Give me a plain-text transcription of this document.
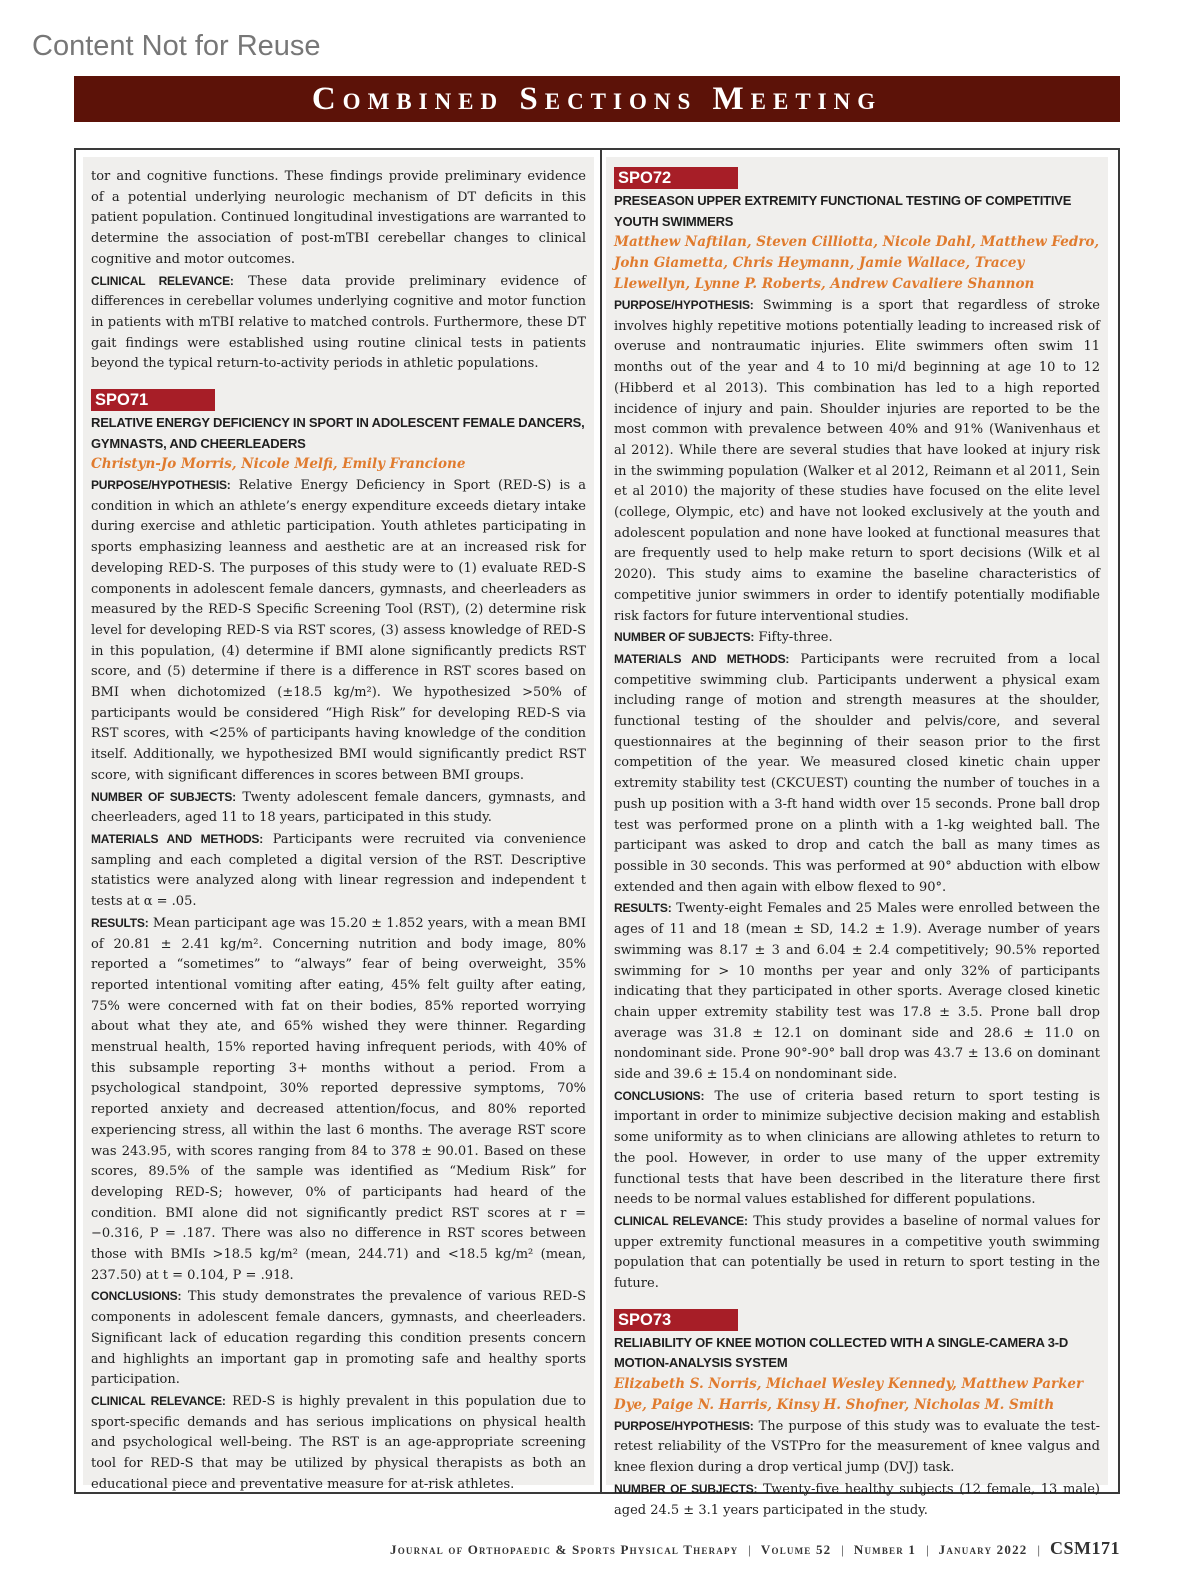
Content Not for Reuse
Combined Sections Meeting

tor and cognitive functions. These findings provide preliminary evidence of a potential underlying neurologic mechanism of DT deficits in this patient population. Continued longitudinal investigations are warranted to determine the association of post-mTBI cerebellar changes to clinical cognitive and motor outcomes.

CLINICAL RELEVANCE: These data provide preliminary evidence of differences in cerebellar volumes underlying cognitive and motor function in patients with mTBI relative to matched controls. Furthermore, these DT gait findings were established using routine clinical tests in patients beyond the typical return-to-activity periods in athletic populations.

SPO71
RELATIVE ENERGY DEFICIENCY IN SPORT IN ADOLESCENT FEMALE DANCERS, GYMNASTS, AND CHEERLEADERS
Christyn-Jo Morris, Nicole Melfi, Emily Francione

PURPOSE/HYPOTHESIS: Relative Energy Deficiency in Sport (RED-S) is a condition in which an athlete’s energy expenditure exceeds dietary intake during exercise and athletic participation. Youth athletes participating in sports emphasizing leanness and aesthetic are at an increased risk for developing RED-S. The purposes of this study were to (1) evaluate RED-S components in adolescent female dancers, gymnasts, and cheerleaders as measured by the RED-S Specific Screening Tool (RST), (2) determine risk level for developing RED-S via RST scores, (3) assess knowledge of RED-S in this population, (4) determine if BMI alone significantly predicts RST score, and (5) determine if there is a difference in RST scores based on BMI when dichotomized (±18.5 kg/m²). We hypothesized >50% of participants would be considered “High Risk” for developing RED-S via RST scores, with <25% of participants having knowledge of the condition itself. Additionally, we hypothesized BMI would significantly predict RST score, with significant differences in scores between BMI groups.

NUMBER OF SUBJECTS: Twenty adolescent female dancers, gymnasts, and cheerleaders, aged 11 to 18 years, participated in this study.

MATERIALS AND METHODS: Participants were recruited via convenience sampling and each completed a digital version of the RST. Descriptive statistics were analyzed along with linear regression and independent t tests at α = .05.

RESULTS: Mean participant age was 15.20 ± 1.852 years, with a mean BMI of 20.81 ± 2.41 kg/m². Concerning nutrition and body image, 80% reported a “sometimes” to “always” fear of being overweight, 35% reported intentional vomiting after eating, 45% felt guilty after eating, 75% were concerned with fat on their bodies, 85% reported worrying about what they ate, and 65% wished they were thinner. Regarding menstrual health, 15% reported having infrequent periods, with 40% of this subsample reporting 3+ months without a period. From a psychological standpoint, 30% reported depressive symptoms, 70% reported anxiety and decreased attention/focus, and 80% reported experiencing stress, all within the last 6 months. The average RST score was 243.95, with scores ranging from 84 to 378 ± 90.01. Based on these scores, 89.5% of the sample was identified as “Medium Risk” for developing RED-S; however, 0% of participants had heard of the condition. BMI alone did not significantly predict RST scores at r = −0.316, P = .187. There was also no difference in RST scores between those with BMIs >18.5 kg/m² (mean, 244.71) and <18.5 kg/m² (mean, 237.50) at t = 0.104, P = .918.

CONCLUSIONS: This study demonstrates the prevalence of various RED-S components in adolescent female dancers, gymnasts, and cheerleaders. Significant lack of education regarding this condition presents concern and highlights an important gap in promoting safe and healthy sports participation.

CLINICAL RELEVANCE: RED-S is highly prevalent in this population due to sport-specific demands and has serious implications on physical health and psychological well-being. The RST is an age-appropriate screening tool for RED-S that may be utilized by physical therapists as both an educational piece and preventative measure for at-risk athletes.

SPO72
PRESEASON UPPER EXTREMITY FUNCTIONAL TESTING OF COMPETITIVE YOUTH SWIMMERS
Matthew Naftilan, Steven Cilliotta, Nicole Dahl, Matthew Fedro, John Giametta, Chris Heymann, Jamie Wallace, Tracey Llewellyn, Lynne P. Roberts, Andrew Cavaliere Shannon

PURPOSE/HYPOTHESIS: Swimming is a sport that regardless of stroke involves highly repetitive motions potentially leading to increased risk of overuse and nontraumatic injuries. Elite swimmers often swim 11 months out of the year and 4 to 10 mi/d beginning at age 10 to 12 (Hibberd et al 2013). This combination has led to a high reported incidence of injury and pain. Shoulder injuries are reported to be the most common with prevalence between 40% and 91% (Wanivenhaus et al 2012). While there are several studies that have looked at injury risk in the swimming population (Walker et al 2012, Reimann et al 2011, Sein et al 2010) the majority of these studies have focused on the elite level (college, Olympic, etc) and have not looked exclusively at the youth and adolescent population and none have looked at functional measures that are frequently used to help make return to sport decisions (Wilk et al 2020). This study aims to examine the baseline characteristics of competitive junior swimmers in order to identify potentially modifiable risk factors for future interventional studies.

NUMBER OF SUBJECTS: Fifty-three.

MATERIALS AND METHODS: Participants were recruited from a local competitive swimming club. Participants underwent a physical exam including range of motion and strength measures at the shoulder, functional testing of the shoulder and pelvis/core, and several questionnaires at the beginning of their season prior to the first competition of the year. We measured closed kinetic chain upper extremity stability test (CKCUEST) counting the number of touches in a push up position with a 3-ft hand width over 15 seconds. Prone ball drop test was performed prone on a plinth with a 1-kg weighted ball. The participant was asked to drop and catch the ball as many times as possible in 30 seconds. This was performed at 90° abduction with elbow extended and then again with elbow flexed to 90°.

RESULTS: Twenty-eight Females and 25 Males were enrolled between the ages of 11 and 18 (mean ± SD, 14.2 ± 1.9). Average number of years swimming was 8.17 ± 3 and 6.04 ± 2.4 competitively; 90.5% reported swimming for > 10 months per year and only 32% of participants indicating that they participated in other sports. Average closed kinetic chain upper extremity stability test was 17.8 ± 3.5. Prone ball drop average was 31.8 ± 12.1 on dominant side and 28.6 ± 11.0 on nondominant side. Prone 90°-90° ball drop was 43.7 ± 13.6 on dominant side and 39.6 ± 15.4 on nondominant side.

CONCLUSIONS: The use of criteria based return to sport testing is important in order to minimize subjective decision making and establish some uniformity as to when clinicians are allowing athletes to return to the pool. However, in order to use many of the upper extremity functional tests that have been described in the literature there first needs to be normal values established for different populations.

CLINICAL RELEVANCE: This study provides a baseline of normal values for upper extremity functional measures in a competitive youth swimming population that can potentially be used in return to sport testing in the future.

SPO73
RELIABILITY OF KNEE MOTION COLLECTED WITH A SINGLE-CAMERA 3-D MOTION-ANALYSIS SYSTEM
Elizabeth S. Norris, Michael Wesley Kennedy, Matthew Parker Dye, Paige N. Harris, Kinsy H. Shofner, Nicholas M. Smith

PURPOSE/HYPOTHESIS: The purpose of this study was to evaluate the test-retest reliability of the VSTPro for the measurement of knee valgus and knee flexion during a drop vertical jump (DVJ) task.

NUMBER OF SUBJECTS: Twenty-five healthy subjects (12 female, 13 male) aged 24.5 ± 3.1 years participated in the study.

Journal of Orthopaedic & Sports Physical Therapy | Volume 52 | Number 1 | January 2022 | CSM171
